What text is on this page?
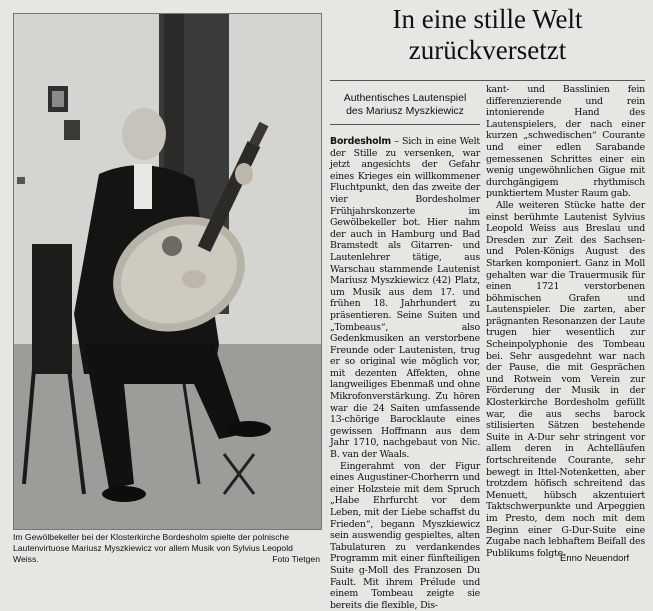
Im Gewölbekeller bei der Klosterkirche Bordesholm spielte der polnische Lautenvirtuose Mariusz Myszkiewicz vor allem Musik von Sylvius Leopold Weiss.	Foto Tietgen
In eine stille Welt
zurückversetzt
Authentisches Lautenspiel
des Mariusz Myszkiewicz

Bordesholm – Sich in eine Welt der Stille zu versenken, war jetzt angesichts der Gefahr eines Krieges ein willkommener Fluchtpunkt, den das zweite der vier Bordesholmer Frühjahrskonzerte im Gewölbekeller bot. Hier nahm der auch in Hamburg und Bad Bramstedt als Gitarren- und Lautenlehrer tätige, aus Warschau stammende Lautenist Mariusz Myszkiewicz (42) Platz, um Musik aus dem 17. und frühen 18. Jahrhundert zu präsentieren. Seine Suiten und „Tombeaus“, also Gedenkmusiken an verstorbene Freunde oder Lautenisten, trug er so original wie möglich vor, mit dezenten Affekten, ohne langweiliges Ebenmaß und ohne Mikrofonverstärkung. Zu hören war die 24 Saiten umfassende 13-chörige Barocklaute eines gewissen Hoffmann aus dem Jahr 1710, nachgebaut von Nic. B. van der Waals.

Eingerahmt von der Figur eines Augustiner-Chorherrn und einer Holzsteie mit dem Spruch „Habe Ehrfurcht vor dem Leben, mit der Liebe schaffst du Frieden“, begann Myszkiewicz sein auswendig gespieltes, alten Tabulaturen zu verdankendes Programm mit einer fünfteiligen Suite g-Moll des Franzosen Du Fault. Mit ihrem Prélude und einem Tombeau zeigte sie bereits die flexible, Dis-

kant- und Basslinien fein differenzierende und rein intonierende Hand des Lautenspielers, der nach einer kurzen „schwedischen“ Courante und einer edlen Sarabande gemessenen Schrittes einer ein wenig ungewöhnlichen Gigue mit durchgängigem rhythmisch punktiertem Muster Raum gab.

Alle weiteren Stücke hatte der einst berühmte Lautenist Sylvius Leopold Weiss aus Breslau und Dresden zur Zeit des Sachsen- und Polen-Königs August des Starken komponiert. Ganz in Moll gehalten war die Trauermusik für einen 1721 verstorbenen böhmischen Grafen und Lautenspieler. Die zarten, aber prägnanten Resonanzen der Laute trugen hier wesentlich zur Scheinpolyphonie des Tombeau bei. Sehr ausgedehnt war nach der Pause, die mit Gesprächen und Rotwein vom Verein zur Förderung der Musik in der Klosterkirche Bordesholm gefüllt war, die aus sechs barock stilisierten Sätzen bestehende Suite in A-Dur sehr stringent vor allem deren in Achtelläufen fortschreitende Courante, sehr bewegt in Ittel-Notenketten, aber trotzdem höfisch schreitend das Menuett, hübsch akzentuiert Taktschwerpunkte und Arpeggien im Presto, dem noch mit dem Beginn einer G-Dur-Suite eine Zugabe nach lebhaftem Beifall des Publikums folgte.

Enno Neuendorf
